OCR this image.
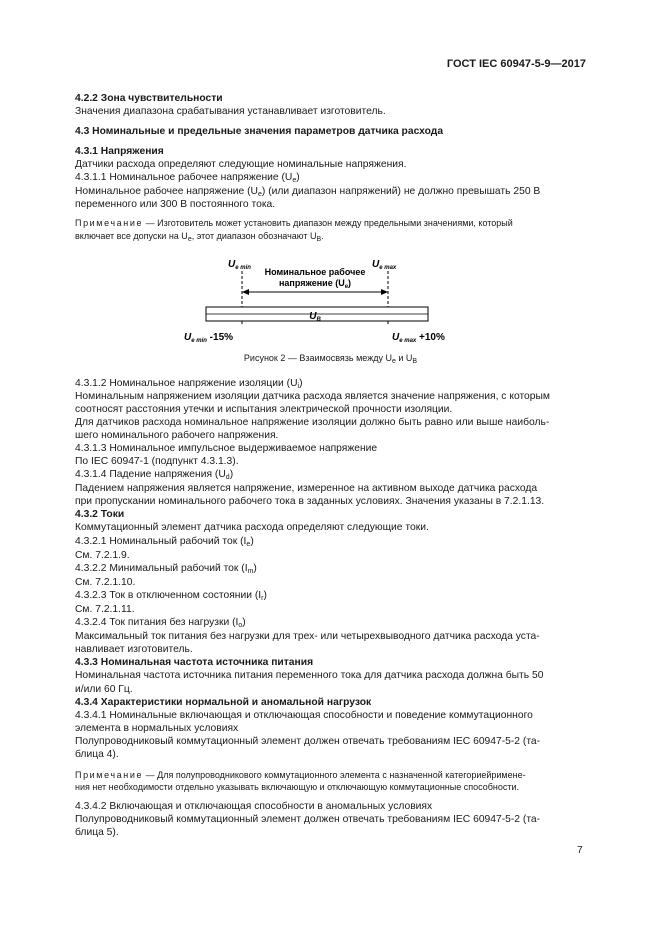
ГОСТ IEC 60947-5-9—2017
4.2.2 Зона чувствительности
Значения диапазона срабатывания устанавливает изготовитель.
4.3 Номинальные и предельные значения параметров датчика расхода
4.3.1 Напряжения
Датчики расхода определяют следующие номинальные напряжения.
4.3.1.1 Номинальное рабочее напряжение $(U_e)$
Номинальное рабочее напряжение $(U_e)$ (или диапазон напряжений) не должно превышать 250 В
переменного или 300 В постоянного тока.
Примечание — Изготовитель может установить диапазон между предельными значениями, который
включает все допуски на $U_e$, этот диапазон обозначают $U_B$.
$U_{e min}$	$U_{e max}$
Номинальное рабочее
напряжение $(U_e)$
$U_B$
$U_{e min}$ -15%	$U_{e max} +10\%$
Рисунок 2 — Взаимосвязь между $U_e$ и $U_B$
4.3.1.2 Номинальное напряжение изоляции $(U_i)$
Номинальным напряжением изоляции датчика расхода является значение напряжения, с которым
соотносят расстояния утечки и испытания электрической прочности изоляции.
Для датчиков расхода номинальное напряжение изоляции должно быть равно или выше наиболь-
шего номинального рабочего напряжения.
4.3.1.3 Номинальное импульсное выдерживаемое напряжение
По IEC 60947-1 (подпункт 4.3.1.3).
4.3.1.4 Падение напряжения $(U_d)$
Падением напряжения является напряжение, измеренное на активном выходе датчика расхода
при пропускании номинального рабочего тока в заданных условиях. Значения указаны в 7.2.1.13.
4.3.2 Токи
Коммутационный элемент датчика расхода определяют следующие токи.
4.3.2.1 Номинальный рабочий ток $(I_e)$
См. 7.2.1.9.
4.3.2.2 Минимальный рабочий ток $(I_m)$
См. 7.2.1.10.
4.3.2.3 Ток в отключенном состоянии $(I_r)$
См. 7.2.1.11.
4.3.2.4 Ток питания без нагрузки $(I_o)$
Максимальный ток питания без нагрузки для трех- или четырехвыводного датчика расхода уста-
навливает изготовитель.
4.3.3 Номинальная частота источника питания
Номинальная частота источника питания переменного тока для датчика расхода должна быть 50
и/или 60 Гц.
4.3.4 Характеристики нормальной и аномальной нагрузок
4.3.4.1 Номинальные включающая и отключающая способности и поведение коммутационного
элемента в нормальных условиях
Полупроводниковый коммутационный элемент должен отвечать требованиям IEC 60947-5-2 (та-
блица 4).
Примечание — Для полупроводникового коммутационного элемента с назначенной категориейримене-
ния нет необходимости отдельно указывать включающую и отключающую коммутационные способности.
4.3.4.2 Включающая и отключающая способности в аномальных условиях
Полупроводниковый коммутационный элемент должен отвечать требованиям IEC 60947-5-2 (та-
блица 5).
7
